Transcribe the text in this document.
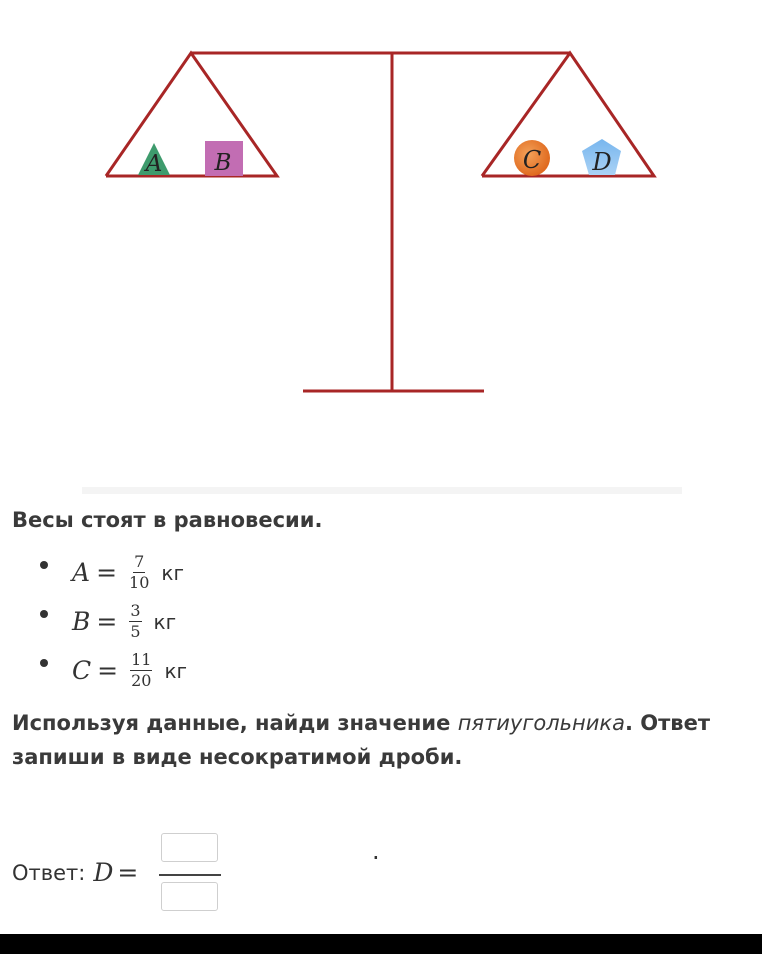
A B	C D
Весы стоят в равновесии.
$A = \frac{7}{10}$ кг
$B = \frac{3}{5}$ кг
$C = \frac{11}{20}$ кг
Используя данные, найди значение пятиугольника. Ответ запиши в виде несократимой дроби.
Ответ: D =
.
